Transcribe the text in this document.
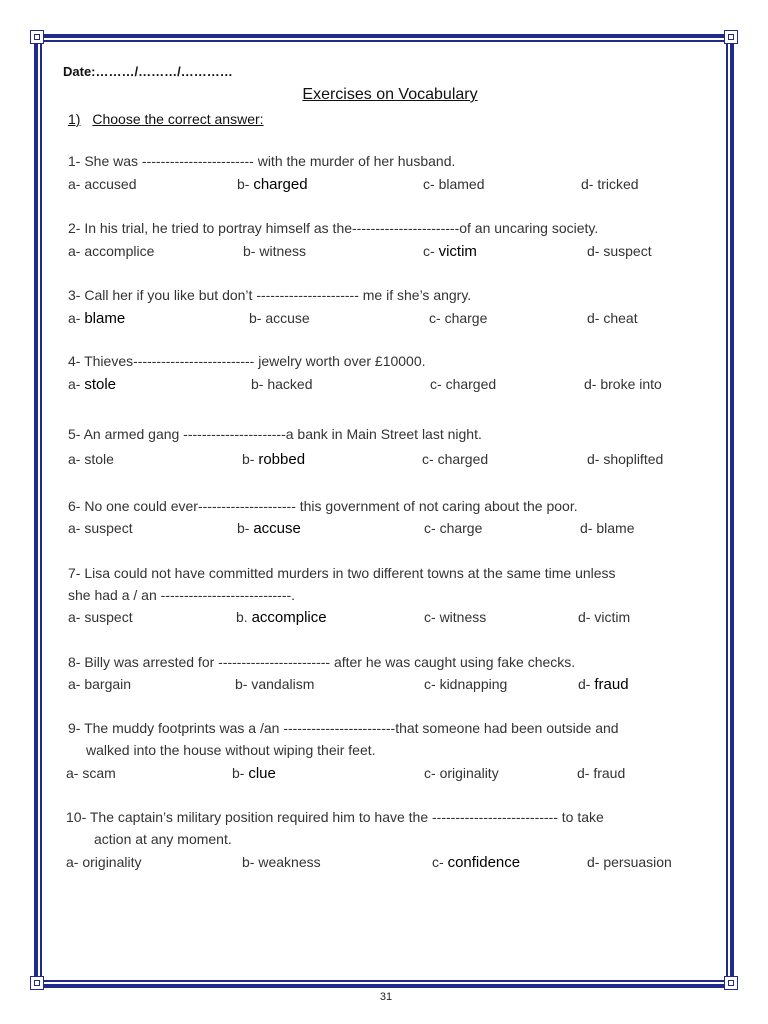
Date:………/………/…………
Exercises on Vocabulary
1) Choose the correct answer:
1- She was ------------------------ with the murder of her husband.
a- accused	b- charged	c- blamed	d- tricked
2- In his trial, he tried to portray himself as the-----------------------of an uncaring society.
a- accomplice	b- witness	c- victim	d- suspect
3- Call her if you like but don’t ---------------------- me if she’s angry.
a- blame	b- accuse	c- charge	d- cheat
4- Thieves-------------------------- jewelry worth over £10000.
a- stole	b- hacked	c- charged	d- broke into
5- An armed gang ----------------------a bank in Main Street last night.
a- stole	b- robbed	c- charged	d- shoplifted
6- No one could ever--------------------- this government of not caring about the poor.
a- suspect	b- accuse	c- charge	d- blame
7- Lisa could not have committed murders in two different towns at the same time unless
she had a / an ----------------------------.
a- suspect	b. accomplice	c- witness	d- victim
8- Billy was arrested for ------------------------ after he was caught using fake checks.
a- bargain	b- vandalism	c- kidnapping	d- fraud
9- The muddy footprints was a /an ------------------------that someone had been outside and
walked into the house without wiping their feet.
a- scam	b- clue	c- originality	d- fraud
10- The captain’s military position required him to have the --------------------------- to take
action at any moment.
a- originality	b- weakness	c- confidence	d- persuasion
31
